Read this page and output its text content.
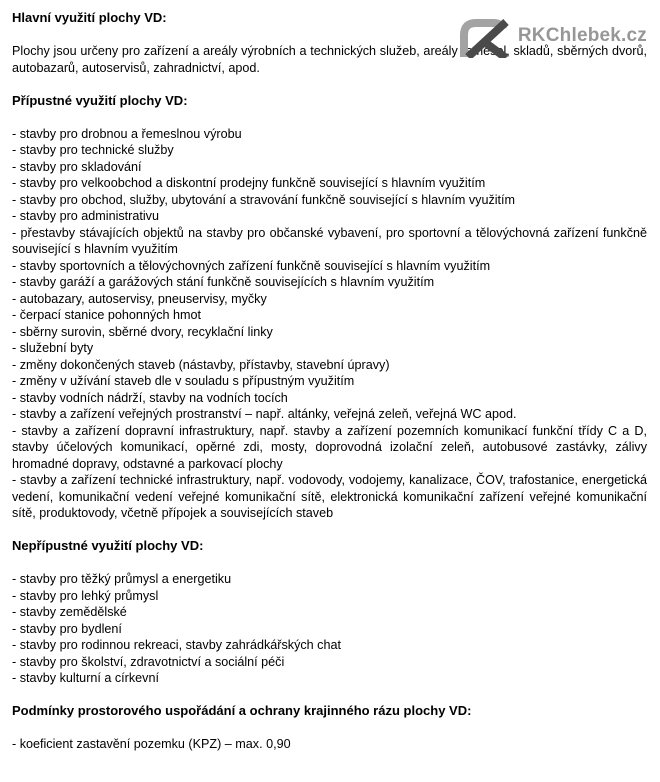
RKChlebek.cz
Hlavní využití plochy VD:

Plochy jsou určeny pro zařízení a areály výrobních a technických služeb, areály řemesel, skladů, sběrných dvorů, autobazarů, autoservisů, zahradnictví, apod.

Přípustné využití plochy VD:

- stavby pro drobnou a řemeslnou výrobu

- stavby pro technické služby

- stavby pro skladování

- stavby pro velkoobchod a diskontní prodejny funkčně související s hlavním využitím

- stavby pro obchod, služby, ubytování a stravování funkčně související s hlavním využitím

- stavby pro administrativu

- přestavby stávajících objektů na stavby pro občanské vybavení, pro sportovní a tělovýchovná zařízení funkčně související s hlavním využitím

- stavby sportovních a tělovýchovných zařízení funkčně související s hlavním využitím

- stavby garáží a garážových stání funkčně souvisejících s hlavním využitím

- autobazary, autoservisy, pneuservisy, myčky

- čerpací stanice pohonných hmot

- sběrny surovin, sběrné dvory, recyklační linky

- služební byty

- změny dokončených staveb (nástavby, přístavby, stavební úpravy)

- změny v užívání staveb dle v souladu s přípustným využitím

- stavby vodních nádrží, stavby na vodních tocích

- stavby a zařízení veřejných prostranství – např. altánky, veřejná zeleň, veřejná WC apod.

- stavby a zařízení dopravní infrastruktury, např. stavby a zařízení pozemních komunikací funkční třídy C a D, stavby účelových komunikací, opěrné zdi, mosty, doprovodná izolační zeleň, autobusové zastávky, zálivy hromadné dopravy, odstavné a parkovací plochy

- stavby a zařízení technické infrastruktury, např. vodovody, vodojemy, kanalizace, ČOV, trafostanice, energetická vedení, komunikační vedení veřejné komunikační sítě, elektronická komunikační zařízení veřejné komunikační sítě, produktovody, včetně přípojek a souvisejících staveb

Nepřípustné využití plochy VD:

- stavby pro těžký průmysl a energetiku

- stavby pro lehký průmysl

- stavby zemědělské

- stavby pro bydlení

- stavby pro rodinnou rekreaci, stavby zahrádkářských chat

- stavby pro školství, zdravotnictví a sociální péči

- stavby kulturní a církevní

Podmínky prostorového uspořádání a ochrany krajinného rázu plochy VD:

- koeficient zastavění pozemku (KPZ) – max. 0,90
